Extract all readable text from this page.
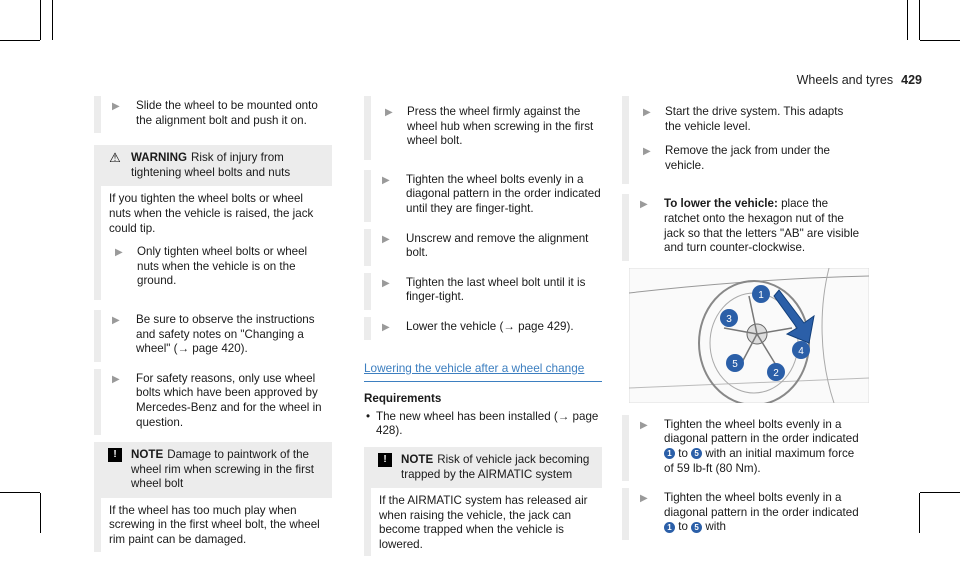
Wheels and tyres 429
▶ Slide the wheel to be mounted onto the alignment bolt and push it on.
⚠ WARNING Risk of injury from tightening wheel bolts and nuts
If you tighten the wheel bolts or wheel nuts when the vehicle is raised, the jack could tip.
▶ Only tighten wheel bolts or wheel nuts when the vehicle is on the ground.
▶ Be sure to observe the instructions and safety notes on "Changing a wheel" (→ page 420).
▶ For safety reasons, only use wheel bolts which have been approved by Mercedes-Benz and for the wheel in question.
!	NOTE Damage to paintwork of the wheel rim when screwing in the first wheel bolt
If the wheel has too much play when screwing in the first wheel bolt, the wheel rim paint can be damaged.
▶ Press the wheel firmly against the wheel hub when screwing in the first wheel bolt.
▶ Tighten the wheel bolts evenly in a diagonal pattern in the order indicated until they are finger-tight.
▶ Unscrew and remove the alignment bolt.
▶ Tighten the last wheel bolt until it is finger-tight.
▶ Lower the vehicle (→ page 429).
Lowering the vehicle after a wheel change
Requirements
• The new wheel has been installed (→ page 428).
!	NOTE Risk of vehicle jack becoming trapped by the AIRMATIC system
If the AIRMATIC system has released air when raising the vehicle, the jack can become trapped when the vehicle is lowered.
▶ Start the drive system. This adapts the vehicle level.
▶ Remove the jack from under the vehicle.
▶ To lower the vehicle: place the ratchet onto the hexagon nut of the jack so that the letters "AB" are visible and turn counter-clockwise.
1
2
3
4
5
▶ Tighten the wheel bolts evenly in a diagonal pattern in the order indicated 1 to 5 with an initial maximum force of 59 lb-ft (80 Nm).
▶ Tighten the wheel bolts evenly in a diagonal pattern in the order indicated 1 to 5 with
